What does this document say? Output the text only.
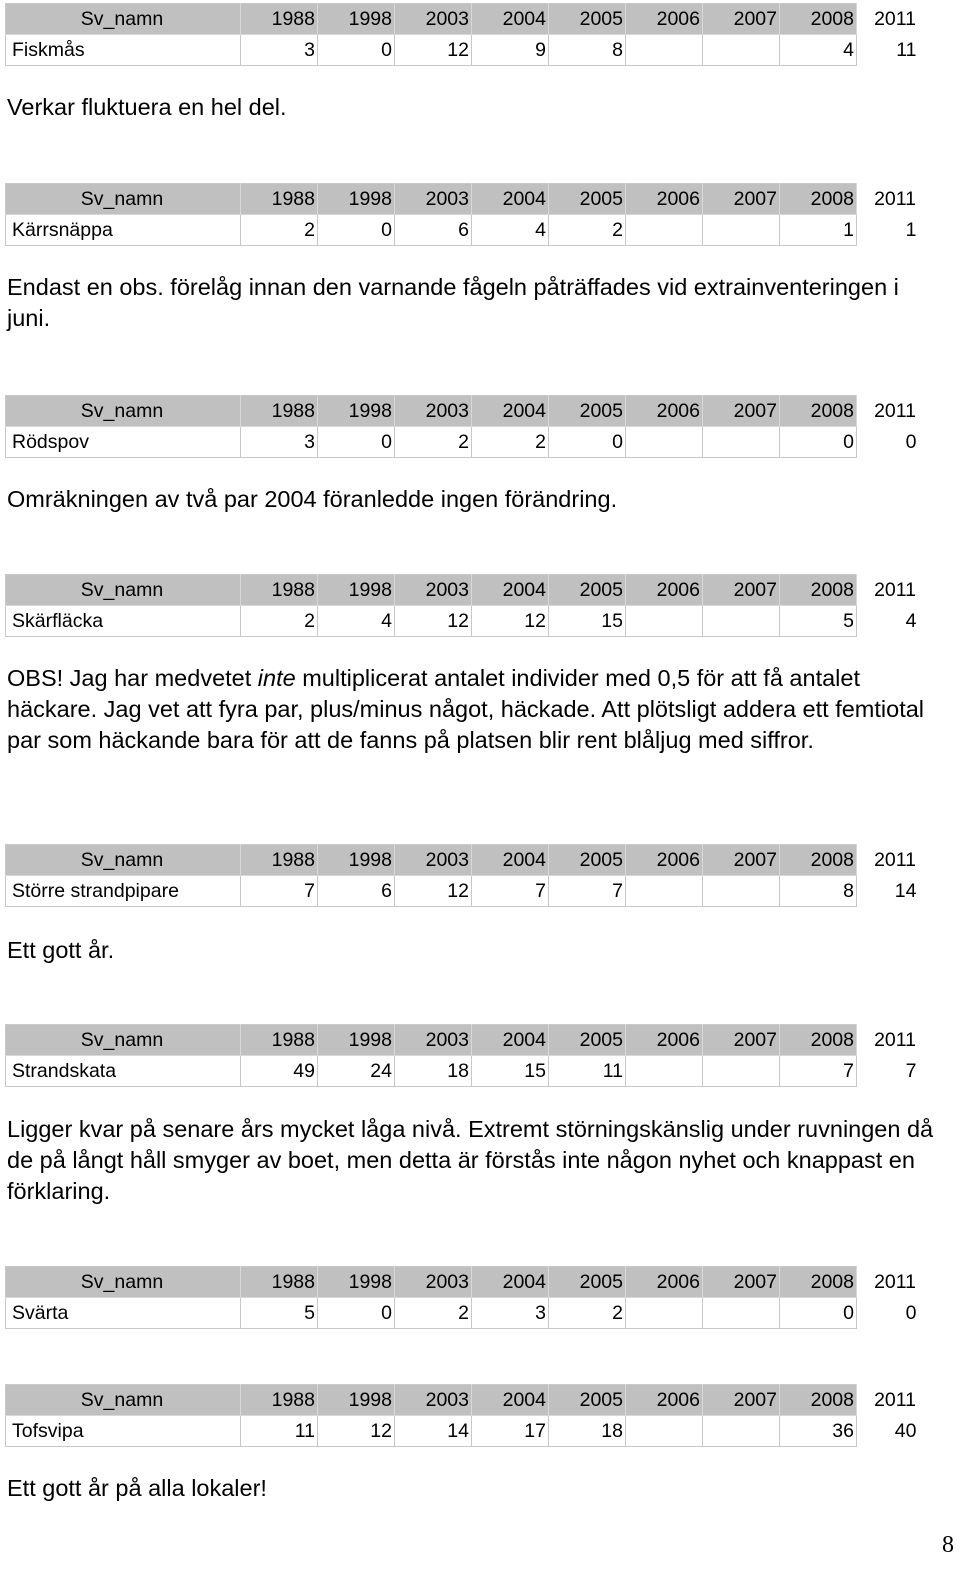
Sv_namn	1988	1998	2003	2004	2005	2006	2007	2008	2011
Fiskmås	3	0	12	9	8			4	11

Verkar fluktuera en hel del.

Sv_namn	1988	1998	2003	2004	2005	2006	2007	2008	2011
Kärrsnäppa	2	0	6	4	2			1	1

Endast en obs. förelåg innan den varnande fågeln påträffades vid extrainventeringen i juni.

Sv_namn	1988	1998	2003	2004	2005	2006	2007	2008	2011
Rödspov	3	0	2	2	0			0	0

Omräkningen av två par 2004 föranledde ingen förändring.

Sv_namn	1988	1998	2003	2004	2005	2006	2007	2008	2011
Skärfläcka	2	4	12	12	15			5	4

OBS! Jag har medvetet inte multiplicerat antalet individer med 0,5 för att få antalet häckare. Jag vet att fyra par, plus/minus något, häckade. Att plötsligt addera ett femtiotal par som häckande bara för att de fanns på platsen blir rent blåljug med siffror.

Sv_namn	1988	1998	2003	2004	2005	2006	2007	2008	2011
Större strandpipare	7	6	12	7	7			8	14

Ett gott år.

Sv_namn	1988	1998	2003	2004	2005	2006	2007	2008	2011
Strandskata	49	24	18	15	11			7	7

Ligger kvar på senare års mycket låga nivå. Extremt störningskänslig under ruvningen då de på långt håll smyger av boet, men detta är förstås inte någon nyhet och knappast en förklaring.

Sv_namn	1988	1998	2003	2004	2005	2006	2007	2008	2011
Svärta	5	0	2	3	2			0	0
Sv_namn	1988	1998	2003	2004	2005	2006	2007	2008	2011
Tofsvipa	11	12	14	17	18			36	40

Ett gott år på alla lokaler!

8
